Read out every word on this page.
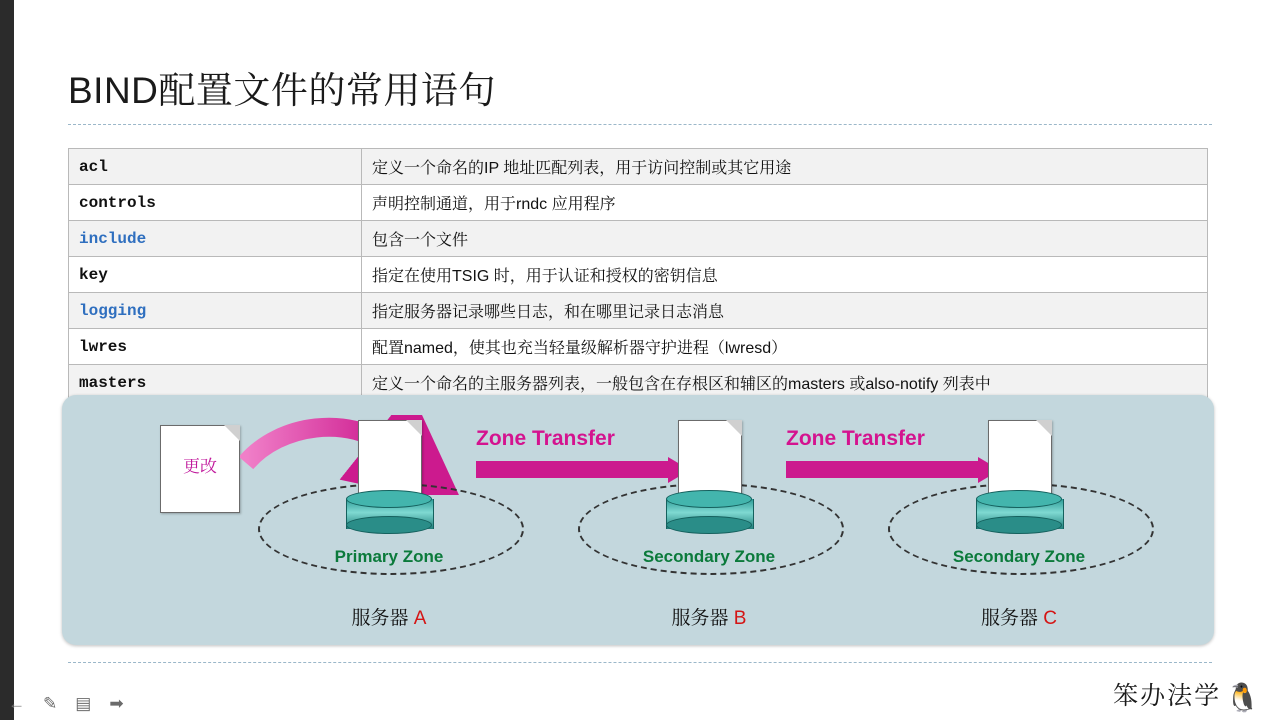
BIND配置文件的常用语句
acl	定义一个命名的IP 地址匹配列表，用于访问控制或其它用途
controls	声明控制通道，用于rndc 应用程序
include	包含一个文件
key	指定在使用TSIG 时，用于认证和授权的密钥信息
logging	指定服务器记录哪些日志，和在哪里记录日志消息
lwres	配置named，使其也充当轻量级解析器守护进程（lwresd）
masters	定义一个命名的主服务器列表，一般包含在存根区和辅区的masters 或also-notify 列表中

更改
Primary Zone
服务器 A
Zone Transfer
Secondary Zone
服务器 B
Zone Transfer
Secondary Zone
服务器 C
← ✎ ▤ ➡	笨办法学 🐧
